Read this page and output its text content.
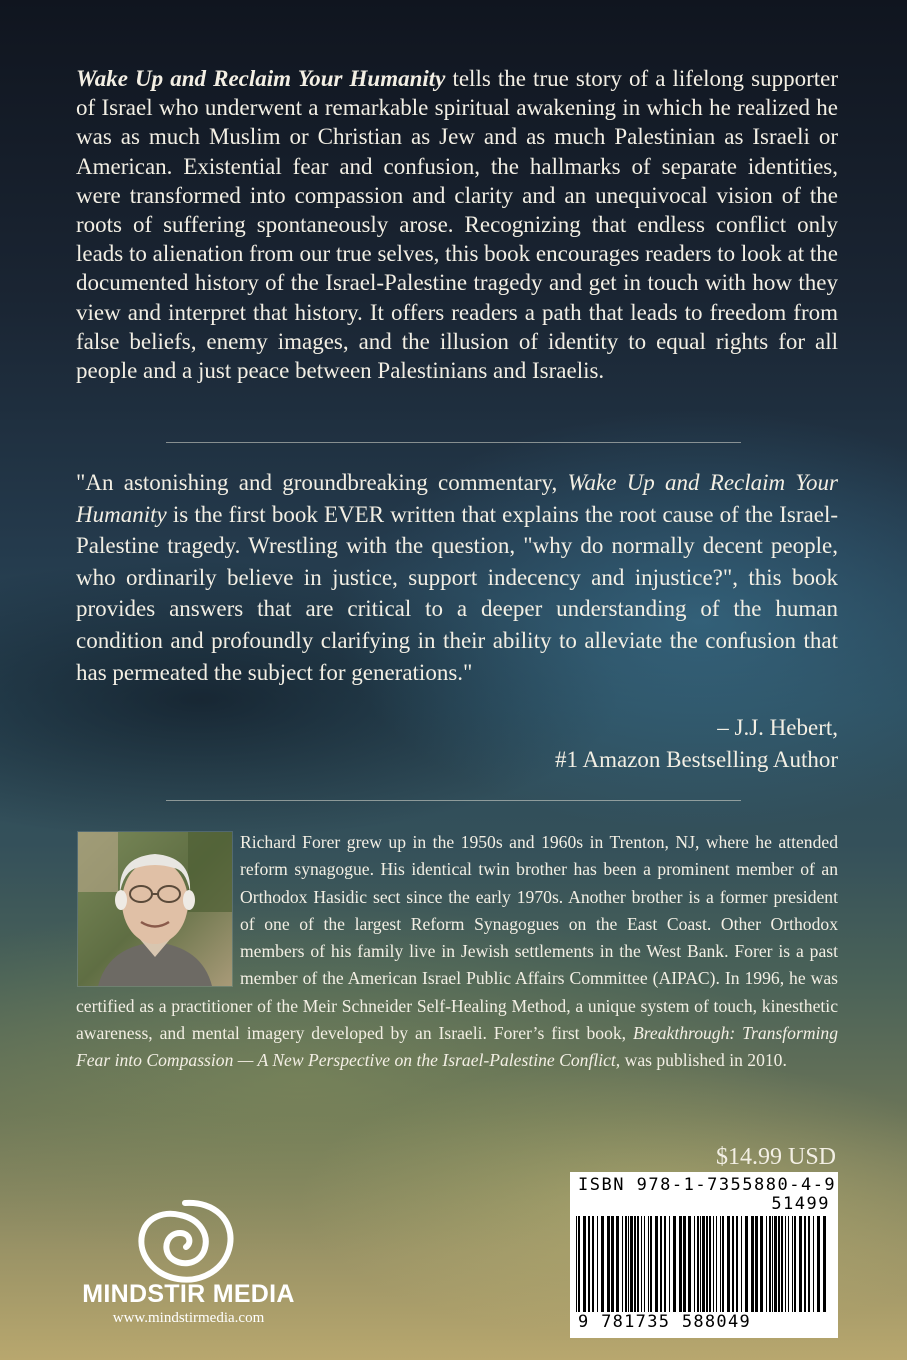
Wake Up and Reclaim Your Humanity tells the true story of a lifelong supporter of Israel who underwent a remarkable spiritual awakening in which he realized he was as much Muslim or Christian as Jew and as much Palestinian as Israeli or American. Existential fear and confusion, the hallmarks of separate identities, were transformed into compassion and clarity and an unequivocal vision of the roots of suffering spontaneously arose. Recognizing that endless conflict only leads to alienation from our true selves, this book encourages readers to look at the documented history of the Israel-Palestine tragedy and get in touch with how they view and interpret that history. It offers readers a path that leads to freedom from false beliefs, enemy images, and the illusion of identity to equal rights for all people and a just peace between Palestinians and Israelis.
"An astonishing and groundbreaking commentary, Wake Up and Reclaim Your Humanity is the first book EVER written that explains the root cause of the Israel-Palestine tragedy. Wrestling with the question, "why do normally decent people, who ordinarily believe in justice, support indecency and injustice?", this book provides answers that are critical to a deeper understanding of the human condition and profoundly clarifying in their ability to alleviate the confusion that has permeated the subject for generations."
– J.J. Hebert,
#1 Amazon Bestselling Author
Richard Forer grew up in the 1950s and 1960s in Trenton, NJ, where he attended reform synagogue. His identical twin brother has been a prominent member of an Orthodox Hasidic sect since the early 1970s. Another brother is a former president of one of the largest Reform Synagogues on the East Coast. Other Orthodox members of his family live in Jewish settlements in the West Bank. Forer is a past member of the American Israel Public Affairs Committee (AIPAC). In 1996, he was certified as a practitioner of the Meir Schneider Self-Healing Method, a unique system of touch, kinesthetic awareness, and mental imagery developed by an Israeli. Forer’s first book, Breakthrough: Transforming Fear into Compassion — A New Perspective on the Israel-Palestine Conflict, was published in 2010.
$14.99 USD
ISBN 978-1-7355880-4-9
51499
9 781735 588049
MINDSTIR MEDIA
www.mindstirmedia.com
